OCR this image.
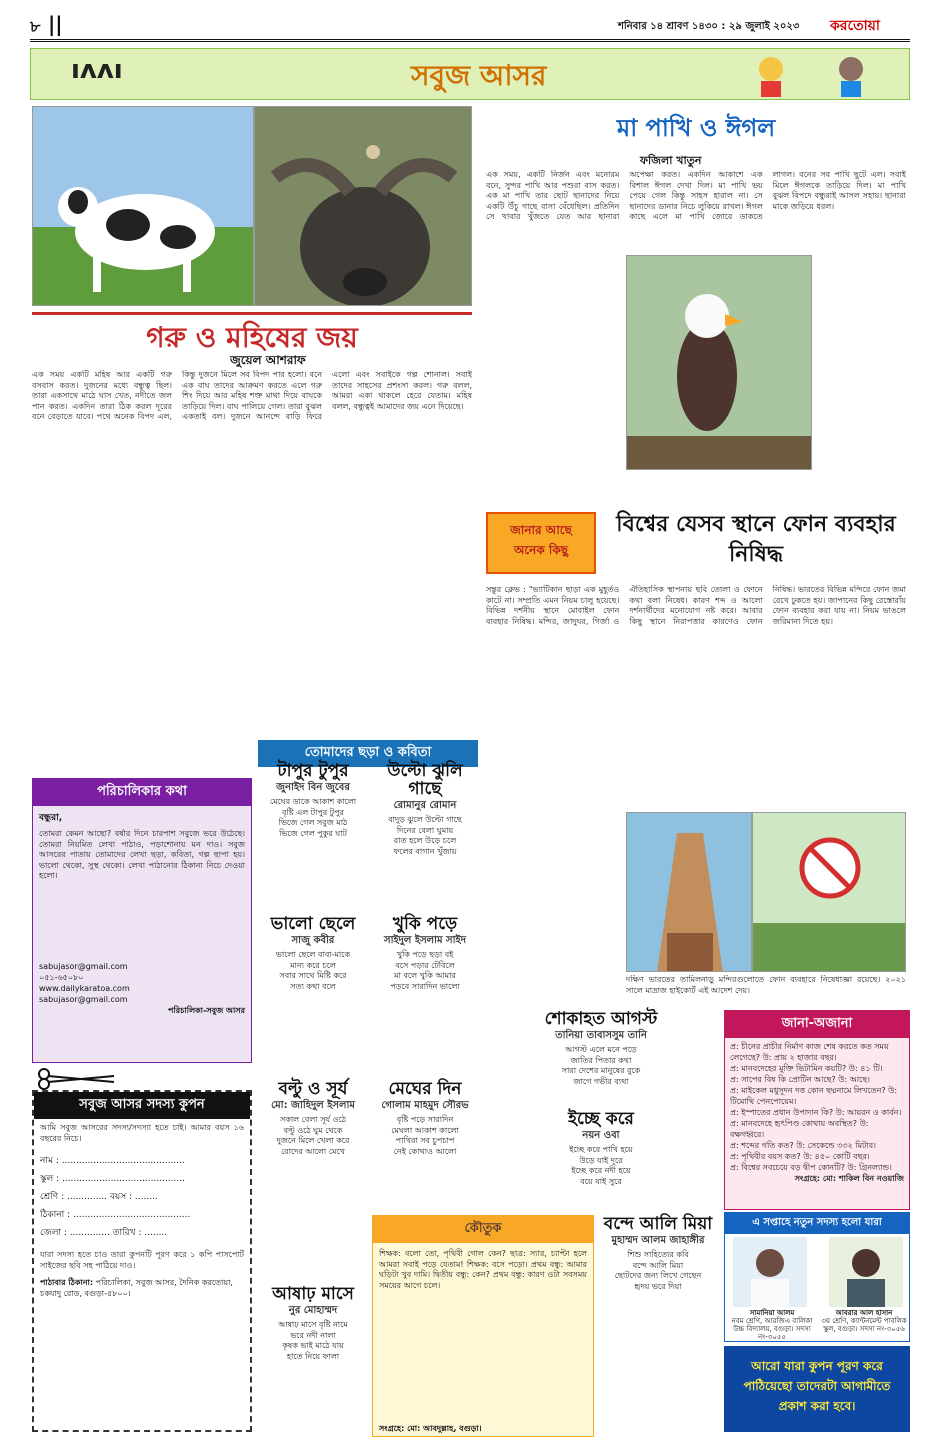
৮ ||	শনিবার ১৪ শ্রাবণ ১৪৩০ : ২৯ জুলাই ২০২৩ করতোয়া
ıʌʌı	সবুজ আসর
গরু ও মহিষের জয়
জুয়েল আশরাফ
এক সময় একটি মহিষ আর একটি গরু বসবাস করত। দুজনের মধ্যে বন্ধুত্ব ছিল। তারা একসাথে মাঠে ঘাস খেত, নদীতে জল পান করত। একদিন তারা ঠিক করল দূরের বনে বেড়াতে যাবে। পথে অনেক বিপদ এল, কিন্তু দুজনে মিলে সব বিপদ পার হলো। বনে এক বাঘ তাদের আক্রমণ করতে এলে গরু শিং দিয়ে আর মহিষ শক্ত মাথা দিয়ে বাঘকে তাড়িয়ে দিল। বাঘ পালিয়ে গেল। তারা বুঝল একতাই বল। দুজনে আনন্দে বাড়ি ফিরে এলো এবং সবাইকে গল্প শোনাল। সবাই তাদের সাহসের প্রশংসা করল। গরু বলল, আমরা একা থাকলে হেরে যেতাম। মহিষ বলল, বন্ধুত্বই আমাদের জয় এনে দিয়েছে।
মা পাখি ও ঈগল
ফজিলা খাতুন
এক সময়, একটি নির্জন এবং মনোরম বনে, সুন্দর পাখি আর পশুরা বাস করত। এক মা পাখি তার ছোট ছানাদের নিয়ে একটি উঁচু গাছে বাসা বেঁধেছিল। প্রতিদিন সে খাবার খুঁজতে যেত আর ছানারা অপেক্ষা করত। একদিন আকাশে এক বিশাল ঈগল দেখা দিল। মা পাখি ভয় পেয়ে গেল কিন্তু সাহস হারাল না। সে ছানাদের ডানার নিচে লুকিয়ে রাখল। ঈগল কাছে এলে মা পাখি জোরে ডাকতে লাগল। বনের সব পাখি ছুটে এল। সবাই মিলে ঈগলকে তাড়িয়ে দিল। মা পাখি বুঝল বিপদে বন্ধুরাই আসল সহায়। ছানারা মাকে জড়িয়ে ধরল।
জানার আছে
অনেক কিছু
বিশ্বের যেসব স্থানে ফোন ব্যবহার নিষিদ্ধ
সন্তুর ক্লেভ : "ভ্যাটিকান ছাড়া এক মুহূর্তও কাটে না। সম্প্রতি এমন নিয়ম চালু হয়েছে। বিভিন্ন দর্শনীয় স্থানে মোবাইল ফোন ব্যবহার নিষিদ্ধ। মন্দির, জাদুঘর, গির্জা ও ঐতিহাসিক স্থাপনায় ছবি তোলা ও ফোনে কথা বলা নিষেধ। কারণ শব্দ ও আলো দর্শনার্থীদের মনোযোগ নষ্ট করে। আবার কিছু স্থানে নিরাপত্তার কারণেও ফোন নিষিদ্ধ। ভারতের বিভিন্ন মন্দিরে ফোন জমা রেখে ঢুকতে হয়। জাপানের কিছু রেস্তোরাঁয় ফোন ব্যবহার করা যায় না। নিয়ম ভাঙলে জরিমানা দিতে হয়।
দক্ষিণ ভারতের তামিলনাড়ু মন্দিরগুলোতে ফোন ব্যবহারে নিষেধাজ্ঞা রয়েছে। ২০২১ সালে মাদ্রাজ হাইকোর্ট এই আদেশ দেয়।
পরিচালিকার কথা
বন্ধুরা,
তোমরা কেমন আছো? বর্ষার দিনে চারপাশ সবুজে ভরে উঠেছে। তোমরা নিয়মিত লেখা পাঠাও, পড়াশোনায় মন দাও। সবুজ আসরের পাতায় তোমাদের লেখা ছড়া, কবিতা, গল্প ছাপা হয়। ভালো থেকো, সুস্থ থেকো। লেখা পাঠানোর ঠিকানা নিচে দেওয়া হলো।
sabujasor@gmail.com
০৫১-৬৫০৮০
www.dailykaratoa.com
sabujasor@gmail.com
পরিচালিকা-সবুজ আসর
সবুজ আসর সদস্য কুপন
আমি সবুজ আসরের সদস্য/সদস্যা হতে চাই। আমার বয়স ১৬ বছরের নিচে।
নাম : ...........................................
স্কুল : ...........................................
শ্রেণি : .............. বয়স : ........
ঠিকানা : .........................................
জেলা : .............. তারিখ : ........
যারা সদস্য হতে চাও তারা কুপনটি পূরণ করে ১ কপি পাসপোর্ট সাইজের ছবি সহ পাঠিয়ে দাও।
পাঠাবার ঠিকানা: পরিচালিকা, সবুজ আসর, দৈনিক করতোয়া, চকযাদু রোড, বগুড়া-৫৮০০।
তোমাদের ছড়া ও কবিতা
টাপুর টুপুর
জুনাইদ বিন জুবের
মেঘের ডাকে আকাশ কালো
বৃষ্টি এল টাপুর টুপুর
ভিজে গেল সবুজ মাঠ
ভিজে গেল পুকুর ঘাট
উল্টো ঝুলি গাছে
রোমানুর রোমান
বাদুড় ঝুলে উল্টো গাছে
দিনের বেলা ঘুমায়
রাত হলে উড়ে চলে
ফলের বাগান খুঁজায়
ভালো ছেলে
সাজু কবীর
ভালো ছেলে বাবা-মাকে
মান্য করে চলে
সবার সাথে মিষ্টি করে
সত্য কথা বলে
খুকি পড়ে
সাইদুল ইসলাম সাইদ
খুকি পড়ে ছড়া বই
বসে পড়ার টেবিলে
মা বলে খুকি আমার
পড়বে সারাদিন ভালো
বল্টু ও সূর্য
মো: জাহিদুল ইসলাম
সকাল বেলা সূর্য ওঠে
বল্টু ওঠে ঘুম থেকে
দুজনে মিলে খেলা করে
রোদের আলো মেখে
মেঘের দিন
গোলাম মাহমুদ সৌরভ
বৃষ্টি পড়ে সারাদিন
মেঘলা আকাশ কালো
পাখিরা সব চুপচাপ
নেই কোথাও আলো
আষাঢ় মাসে
নুর মোহাম্মদ
আষাঢ় মাসে বৃষ্টি নামে
ভরে নদী নালা
কৃষক ভাই মাঠে যায়
হাতে নিয়ে ফালা
শোকাহত আগস্ট
তানিয়া তাবাসসুম তানি
আগস্ট এলে মনে পড়ে
জাতির পিতার কথা
সারা দেশের মানুষের বুকে
জাগে গভীর ব্যথা
ইচ্ছে করে
নয়ন ওবা
ইচ্ছে করে পাখি হয়ে
উড়ে যাই দূরে
ইচ্ছে করে নদী হয়ে
বয়ে যাই সুরে
বন্দে আলি মিয়া
মুহাম্মদ আলম জাহাঙ্গীর
শিশু সাহিত্যের কবি
বন্দে আলি মিয়া
ছোটদের জন্য লিখে গেছেন
হৃদয় ভরে দিয়া
কৌতুক
শিক্ষক: বলো তো, পৃথিবী গোল কেন? ছাত্র: স্যার, চ্যাপ্টা হলে আমরা সবাই পড়ে যেতাম! শিক্ষক: বসে পড়ো। প্রথম বন্ধু: আমার ঘড়িটা খুব দামি। দ্বিতীয় বন্ধু: কেন? প্রথম বন্ধু: কারণ ওটা সবসময় সময়ের আগে চলে।
সংগ্রহে: মো: আবদুল্লাহ, বগুড়া।
জানা-অজানা
প্র: চীনের প্রাচীর নির্মাণ কাজ শেষ করতে কত সময় লেগেছে? উ: প্রায় ২ হাজার বছর।
প্র: মানবদেহের মুক্তি ভিটামিন কয়টি? উ: ৪১ টি।
প্র: সাপের বিষ কি প্রোটিন আছে? উ: আছে।
প্র: মাইকেল মধুসূদন দত্ত কোন ছদ্মনামে লিখতেন? উ: টিমোথি পেনপোয়েম।
প্র: ইস্পাতের প্রধান উপাদান কি? উ: আয়রন ও কার্বন।
প্র: মানবদেহে হৃৎপিণ্ড কোথায় অবস্থিত? উ: বক্ষগহ্বরে।
প্র: শব্দের গতি কত? উ: সেকেন্ডে ৩৩২ মিটার।
প্র: পৃথিবীর বয়স কত? উ: ৪৫০ কোটি বছর।
প্র: বিশ্বের সবচেয়ে বড় দ্বীপ কোনটি? উ: গ্রিনল্যান্ড।
সংগ্রহে: মো: শাকিল বিন নওয়াজি
এ সপ্তাহে নতুন সদস্য হলো যারা
সামানিয়া আলম
নবম শ্রেণি, আরজিএ বালিকা উচ্চ বিদ্যালয়, বগুড়া। সদস্য নং-৩০৫৫
আবরার আল হাসান
৩য় শ্রেণি, ক্যান্টনমেন্ট পাবলিক স্কুল, বগুড়া। সদস্য নং-৩০৫৬
আরো যারা কুপন পূরণ করে পাঠিয়েছো তাদেরটা আগামীতে প্রকাশ করা হবে।
